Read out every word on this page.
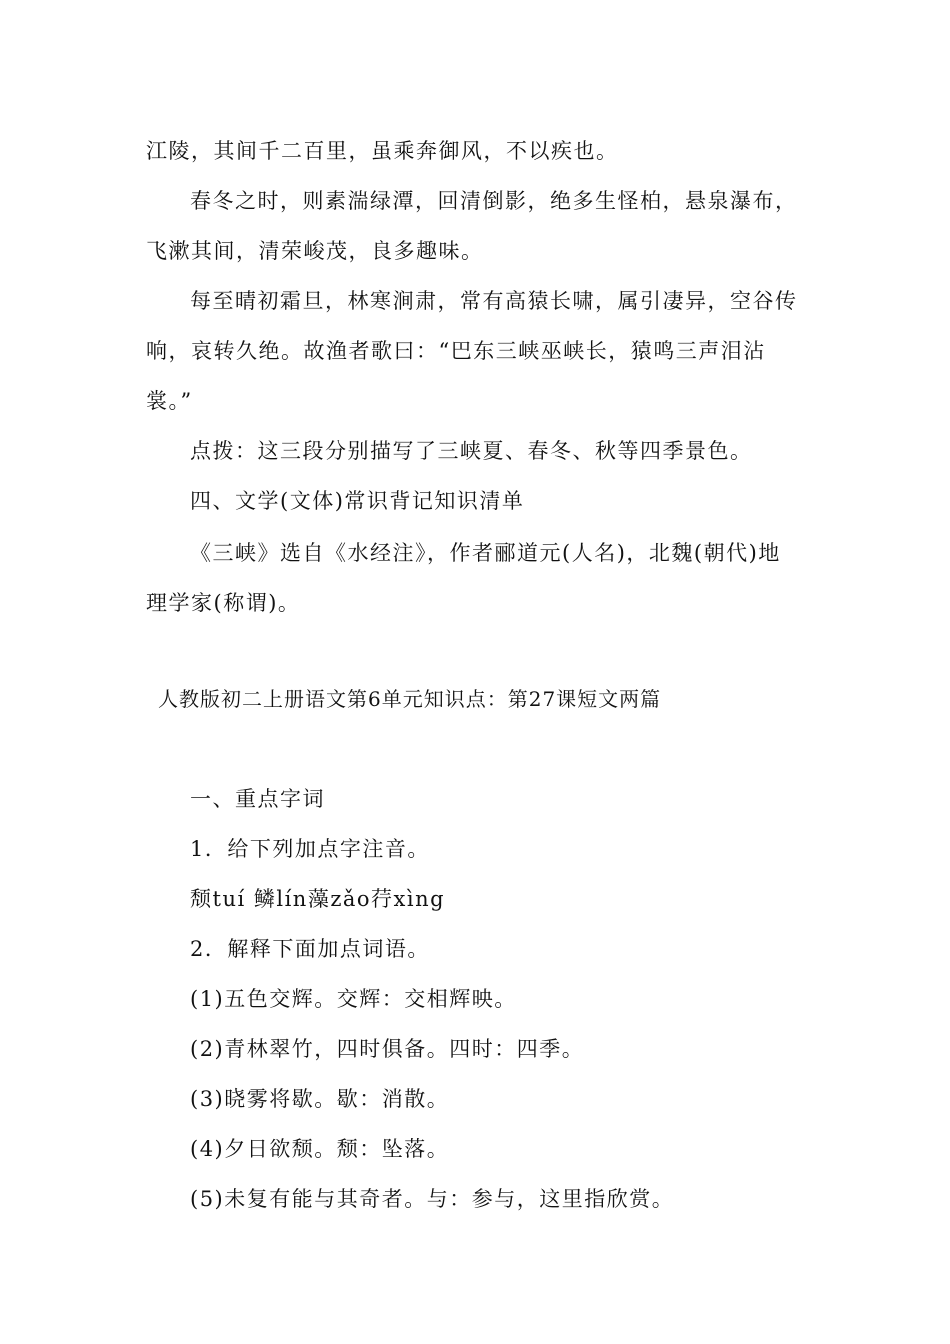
江陵，其间千二百里，虽乘奔御风，不以疾也。
春冬之时，则素湍绿潭，回清倒影，绝多生怪柏，悬泉瀑布，
飞漱其间，清荣峻茂，良多趣味。
每至晴初霜旦，林寒涧肃，常有高猿长啸，属引凄异，空谷传
响，哀转久绝。故渔者歌曰：“巴东三峡巫峡长，猿鸣三声泪沾
裳。”
点拨：这三段分别描写了三峡夏、春冬、秋等四季景色。
四、文学(文体)常识背记知识清单
《三峡》选自《水经注》，作者郦道元(人名)，北魏(朝代)地
理学家(称谓)。
人教版初二上册语文第6单元知识点：第27课短文两篇
一、重点字词
1．给下列加点字注音。
颓tuí 鳞lín藻zǎo荇xìng
2．解释下面加点词语。
(1)五色交辉。交辉：交相辉映。
(2)青林翠竹，四时俱备。四时：四季。
(3)晓雾将歇。歇：消散。
(4)夕日欲颓。颓：坠落。
(5)未复有能与其奇者。与：参与，这里指欣赏。
